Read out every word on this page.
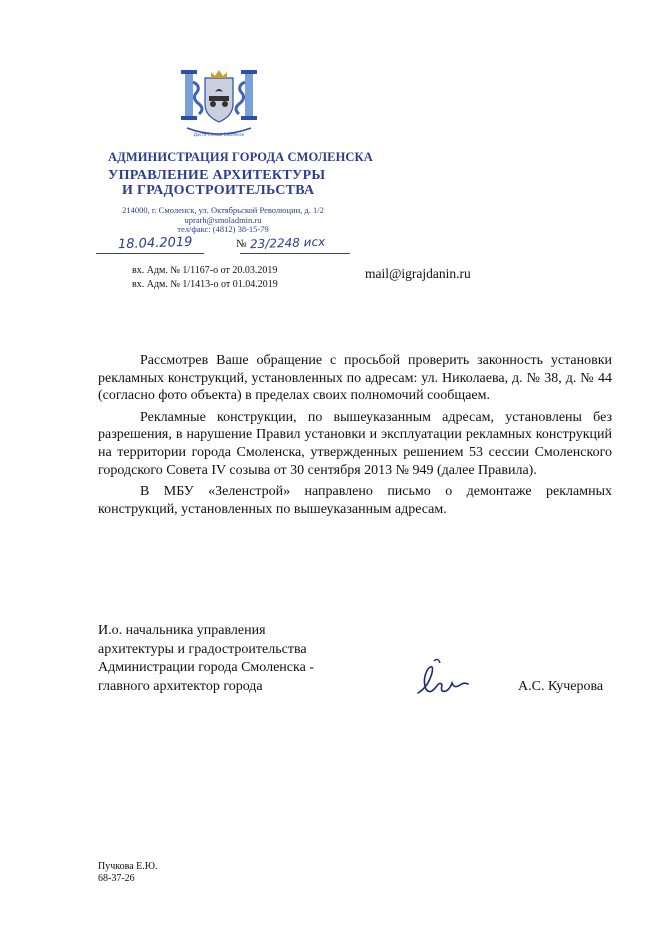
Досточтимый Смоленск
АДМИНИСТРАЦИЯ ГОРОДА СМОЛЕНСКА
УПРАВЛЕНИЕ АРХИТЕКТУРЫ
И ГРАДОСТРОИТЕЛЬСТВА
214000, г. Смоленск, ул. Октябрьской Революции, д. 1/2
uprarh@smoladmin.ru
тел/факс: (4812) 38-15-79
18.04.2019	№ 23/2248 исх
вх. Адм. № 1/1167-о от 20.03.2019
вх. Адм. № 1/1413-о от 01.04.2019
mail@igrajdanin.ru

Рассмотрев Ваше обращение с просьбой проверить законность установки рекламных конструкций, установленных по адресам: ул. Николаева, д. № 38, д. № 44 (согласно фото объекта) в пределах своих полномочий сообщаем.

Рекламные конструкции, по вышеуказанным адресам, установлены без разрешения, в нарушение Правил установки и эксплуатации рекламных конструкций на территории города Смоленска, утвержденных решением 53 сессии Смоленского городского Совета IV созыва от 30 сентября 2013 № 949 (далее Правила).

В МБУ «Зеленстрой» направлено письмо о демонтаже рекламных конструкций, установленных по вышеуказанным адресам.

И.о. начальника управления
архитектуры и градостроительства
Администрации города Смоленска -
главного архитектор города	А.С. Кучерова
Пучкова Е.Ю.
68-37-26
